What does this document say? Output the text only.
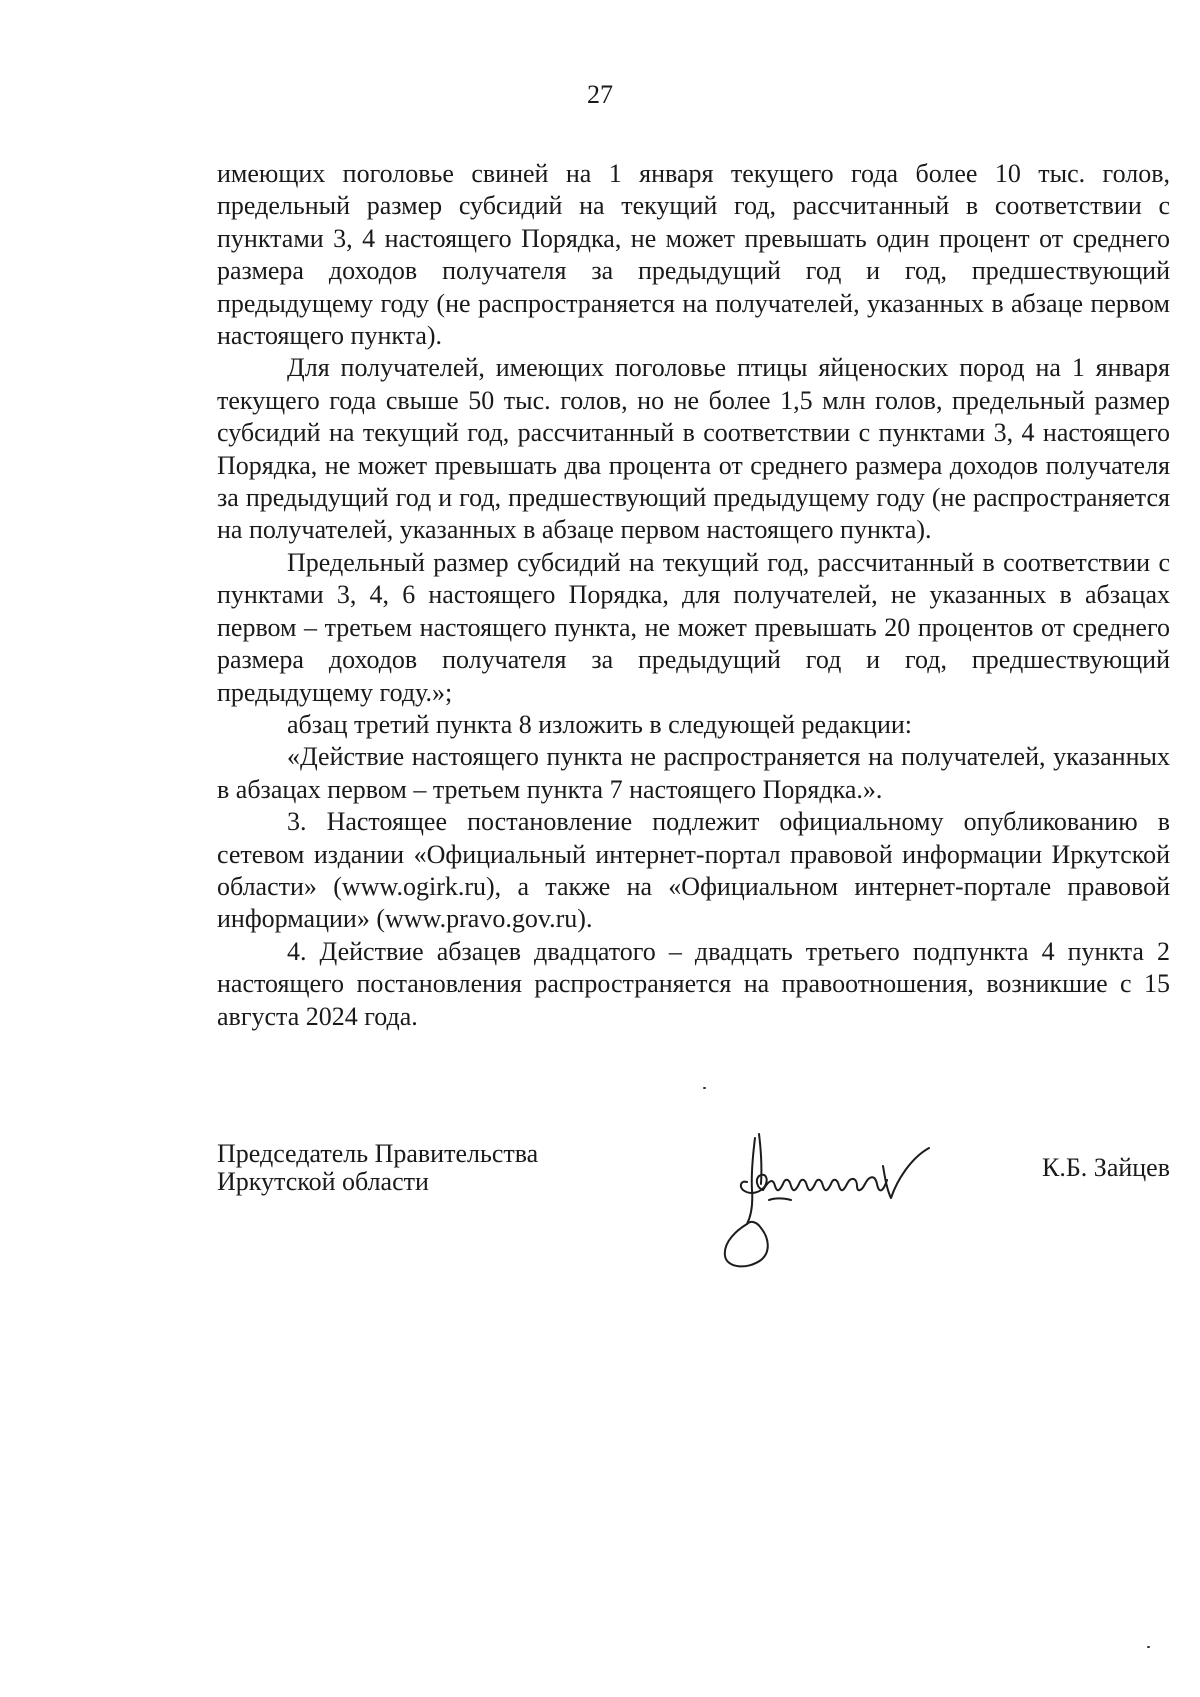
27

имеющих поголовье свиней на 1 января текущего года более 10 тыс. голов, предельный размер субсидий на текущий год, рассчитанный в соответствии с пунктами 3, 4 настоящего Порядка, не может превышать один процент от среднего размера доходов получателя за предыдущий год и год, предшествующий предыдущему году (не распространяется на получателей, указанных в абзаце первом настоящего пункта).

Для получателей, имеющих поголовье птицы яйценоских пород на 1 января текущего года свыше 50 тыс. голов, но не более 1,5 млн голов, предельный размер субсидий на текущий год, рассчитанный в соответствии с пунктами 3, 4 настоящего Порядка, не может превышать два процента от среднего размера доходов получателя за предыдущий год и год, предшествующий предыдущему году (не распространяется на получателей, указанных в абзаце первом настоящего пункта).

Предельный размер субсидий на текущий год, рассчитанный в соответствии с пунктами 3, 4, 6 настоящего Порядка, для получателей, не указанных в абзацах первом – третьем настоящего пункта, не может превышать 20 процентов от среднего размера доходов получателя за предыдущий год и год, предшествующий предыдущему году.»;

абзац третий пункта 8 изложить в следующей редакции:

«Действие настоящего пункта не распространяется на получателей, указанных в абзацах первом – третьем пункта 7 настоящего Порядка.».

3. Настоящее постановление подлежит официальному опубликованию в сетевом издании «Официальный интернет-портал правовой информации Иркутской области» (www.ogirk.ru), а также на «Официальном интернет-портале правовой информации» (www.pravo.gov.ru).

4. Действие абзацев двадцатого – двадцать третьего подпункта 4 пункта 2 настоящего постановления распространяется на правоотношения, возникшие с 15 августа 2024 года.

Председатель Правительства
Иркутской области	К.Б. Зайцев
